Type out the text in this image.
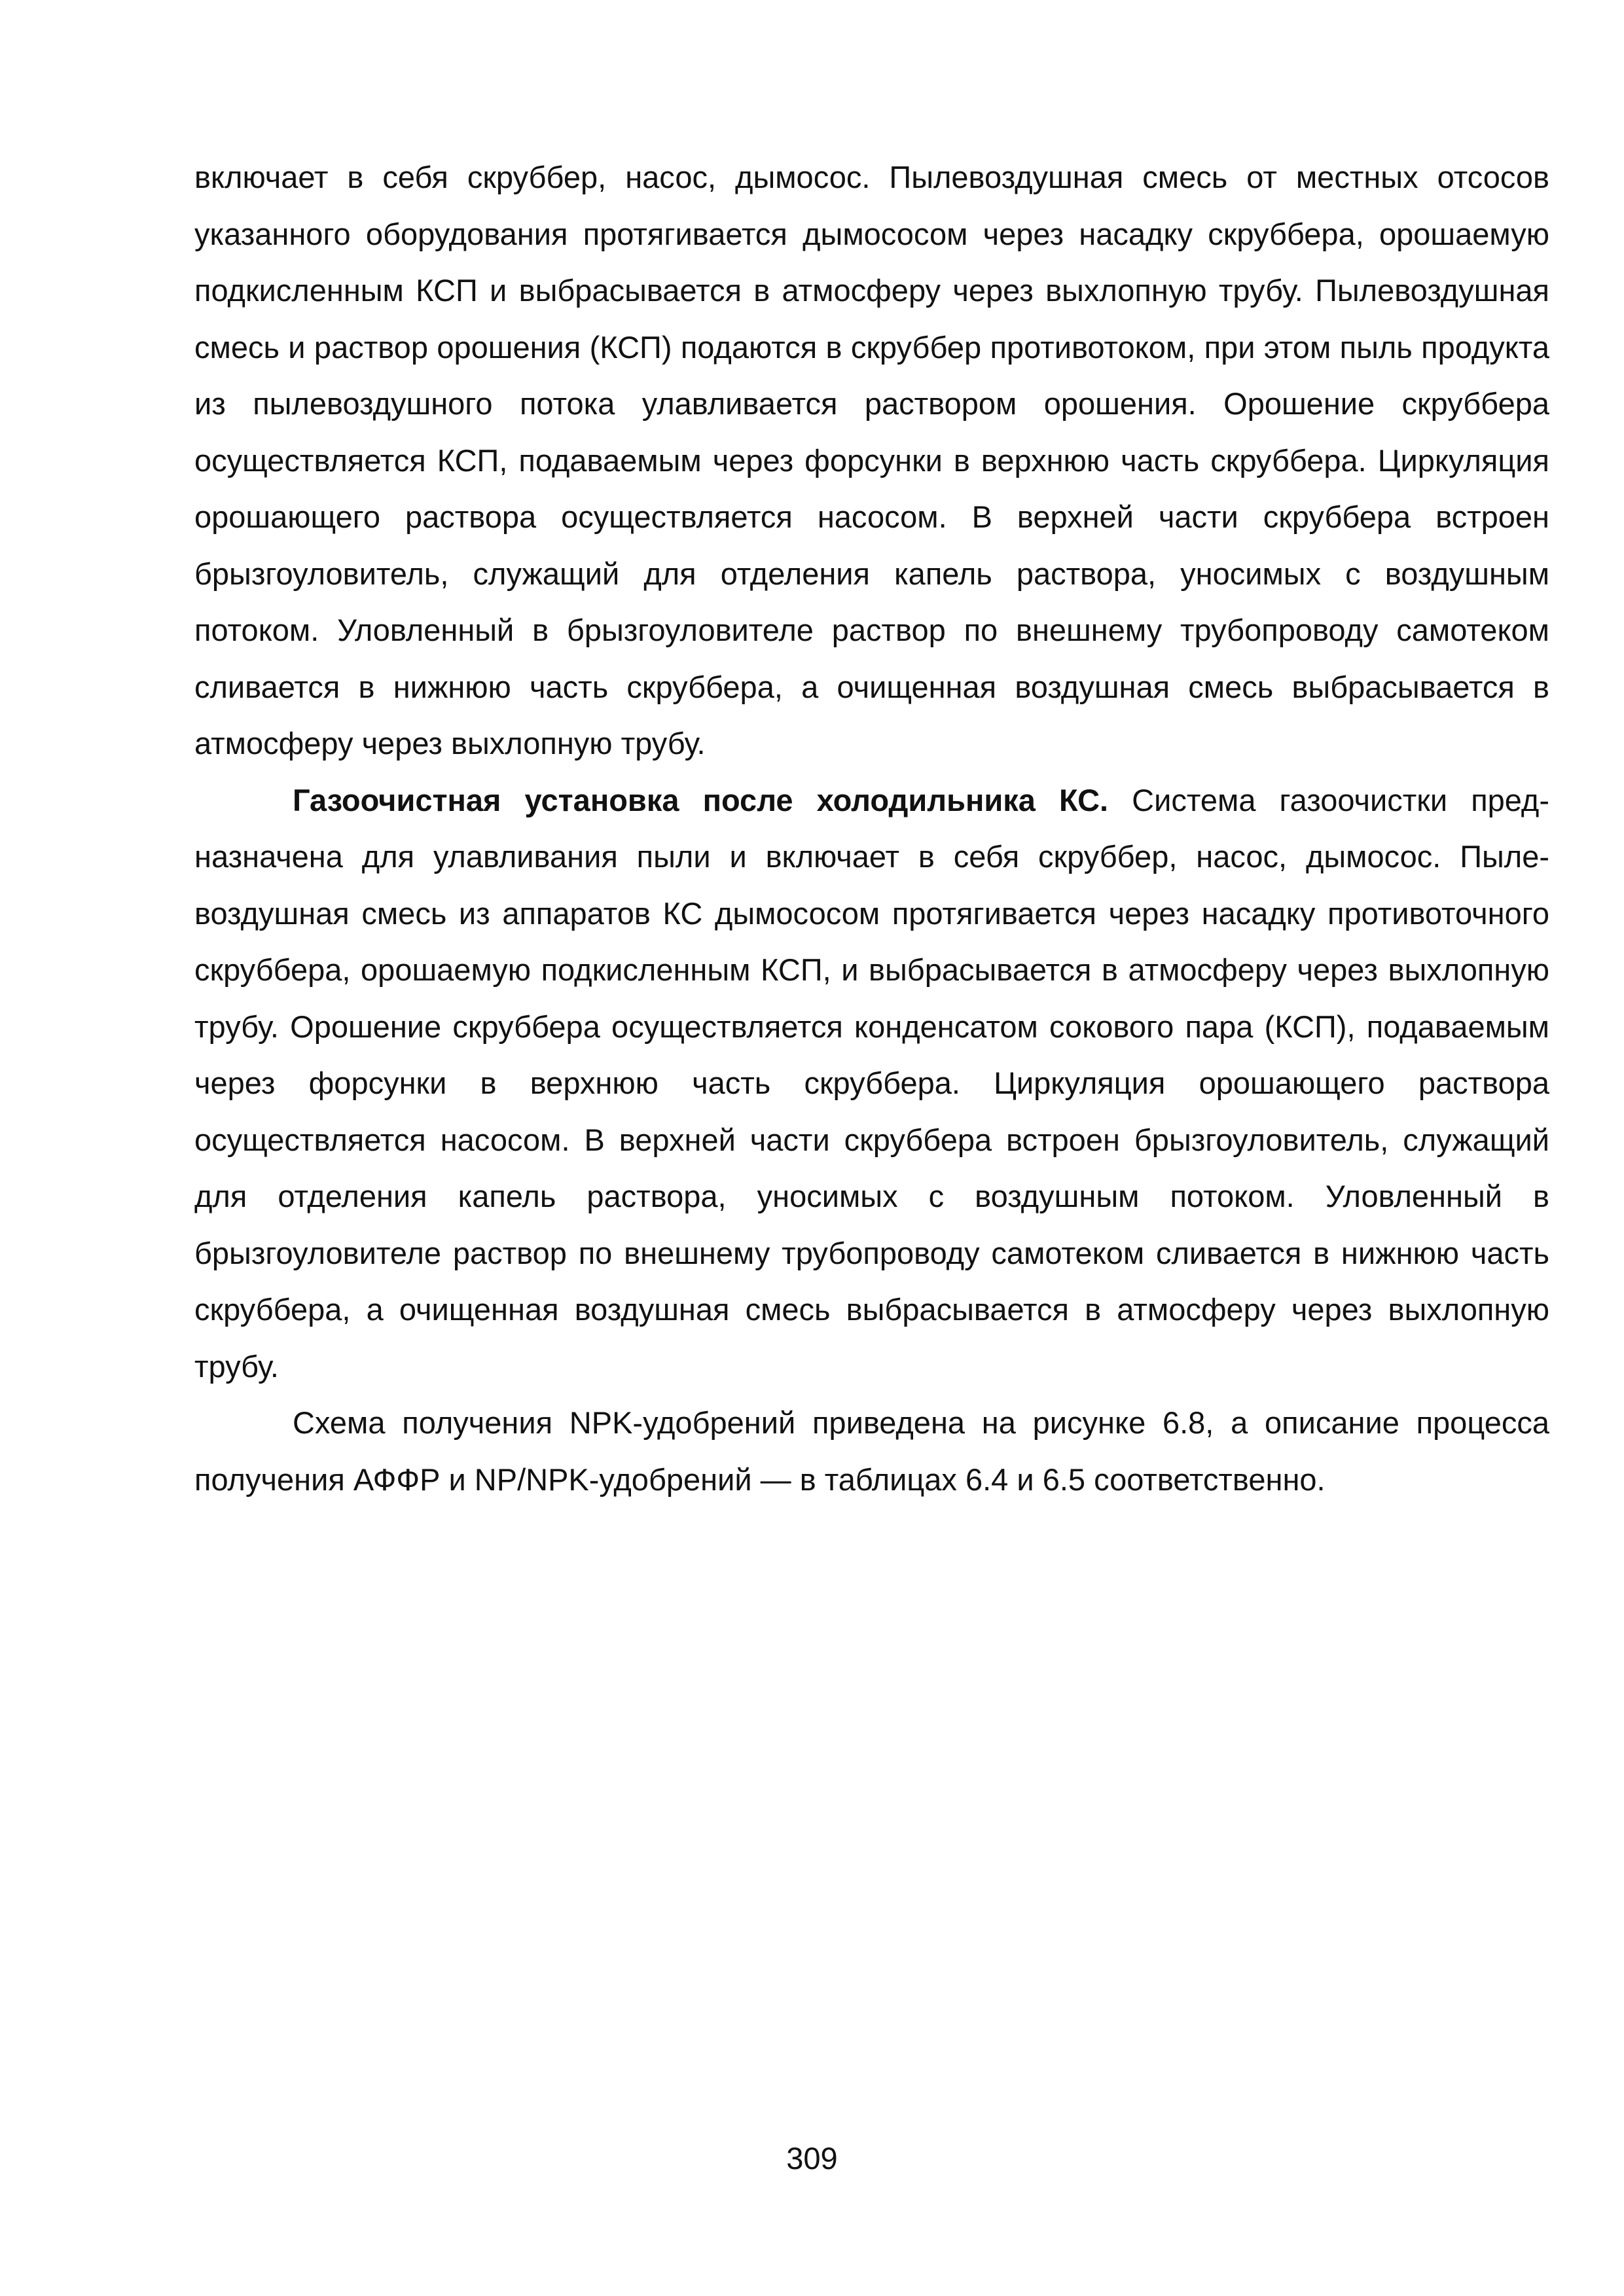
включает в себя скруббер, насос, дымосос. Пылевоздушная смесь от местных отсосов указанного оборудования протягивается дымососом через насадку скруббера, орошаемую подкисленным КСП и выбрасывается в атмосферу через выхлопную трубу. Пылевоздушная смесь и раствор орошения (КСП) подаются в скруббер противотоком, при этом пыль продукта из пылевоздушного потока улавливается раствором орошения. Орошение скруббера осуществляется КСП, подаваемым через форсунки в верхнюю часть скруббера. Циркуляция орошающего раствора осуществляется насосом. В верхней части скруббера встроен брызгоуловитель, служащий для отделения капель раствора, уносимых с воздушным потоком. Уловленный в брызгоуловителе раствор по внешнему трубопроводу самотеком сливается в нижнюю часть скруббера, а очищенная воздушная смесь выбрасывается в атмосферу через выхлопную трубу.

Газоочистная установка после холодильника КС. Система газоочистки предназначена для улавливания пыли и включает в себя скруббер, насос, дымосос. Пылевоздушная смесь из аппаратов КС дымососом протягивается через насадку противоточного скруббера, орошаемую подкисленным КСП, и выбрасывается в атмосферу через выхлопную трубу. Орошение скруббера осуществляется конденсатом сокового пара (КСП), подаваемым через форсунки в верхнюю часть скруббера. Циркуляция орошающего раствора осуществляется насосом. В верхней части скруббера встроен брызгоуловитель, служащий для отделения капель раствора, уносимых с воздушным потоком. Уловленный в брызгоуловителе раствор по внешнему трубопроводу самотеком сливается в нижнюю часть скруббера, а очищенная воздушная смесь выбрасывается в атмосферу через выхлопную трубу.

Схема получения NPK-удобрений приведена на рисунке 6.8, а описание процесса получения АФФР и NP/NPK-удобрений — в таблицах 6.4 и 6.5 соответственно.

309
